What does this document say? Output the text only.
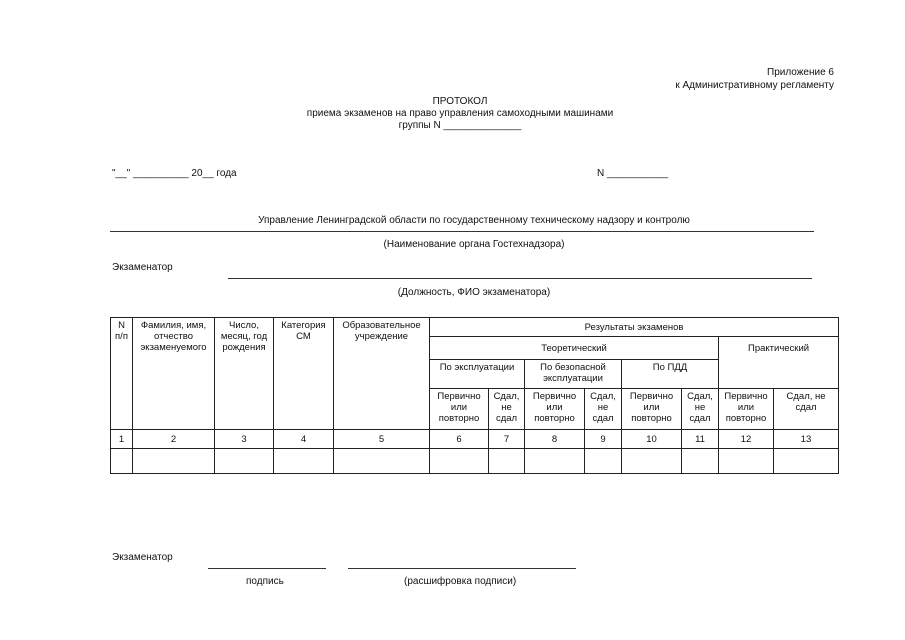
Приложение 6
к Административному регламенту
ПРОТОКОЛ
приема экзаменов на право управления самоходными машинами
группы N ______________
"__" __________ 20__ года	N ___________
Управление Ленинградской области по государственному техническому надзору и контролю
(Наименование органа Гостехнадзора)
Экзаменатор
(Должность, ФИО экзаменатора)
N п/п	Фамилия, имя, отчество экзаменуемого	Число, месяц, год рождения	Категория СМ	Образовательное учреждение	Результаты экзаменов							
					Теоретический						Практический	
					По эксплуатации		По безопасной эксплуатации		По ПДД			
					Первично или повторно	Сдал, не сдал	Первично или повторно	Сдал, не сдал	Первично или повторно	Сдал, не сдал	Первично или повторно	Сдал, не сдал
1	2	3	4	5	6	7	8	9	10	11	12	13

Экзаменатор
подпись	(расшифровка подписи)
